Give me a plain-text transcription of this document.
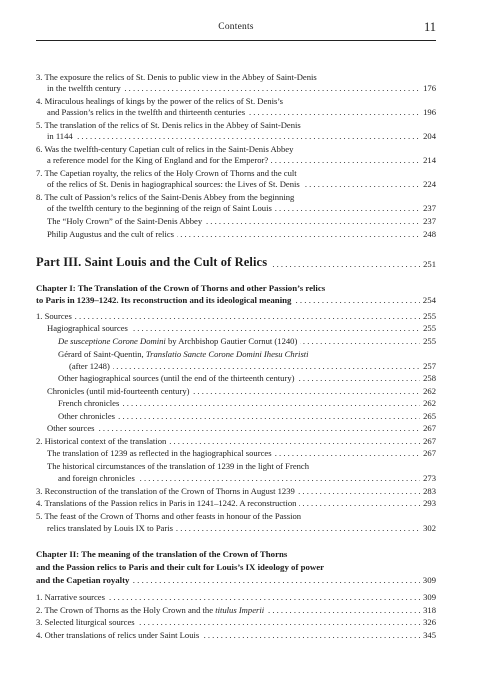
Contents	11
3. The exposure the relics of St. Denis to public view in the Abbey of Saint-Denis
in the twelfth century	176
. . .
4. Miraculous healings of kings by the power of the relics of St. Denis’s
and Passion’s relics in the twelfth and thirteenth centuries	196
. . .
5. The translation of the relics of St. Denis relics in the Abbey of Saint-Denis
in 1144	204
. . .
6. Was the twelfth-century Capetian cult of relics in the Saint-Denis Abbey
a reference model for the King of England and for the Emperor?	214
. . .
7. The Capetian royalty, the relics of the Holy Crown of Thorns and the cult
of the relics of St. Denis in hagiographical sources: the Lives of St. Denis	224
. . .
8. The cult of Passion’s relics of the Saint-Denis Abbey from the beginning
of the twelfth century to the beginning of the reign of Saint Louis	237
. . .
The “Holy Crown” of the Saint-Denis Abbey	237
. . .
Philip Augustus and the cult of relics	248
. . .
Part III. Saint Louis and the Cult of Relics	251
. . .
Chapter I: The Translation of the Crown of Thorns and other Passion’s relics
to Paris in 1239–1242. Its reconstruction and its ideological meaning	254
. . .
1. Sources	255
. . .
Hagiographical sources	255
. . .
De susceptione Corone Domini by Archbishop Gautier Cornut (1240)	255
. . .
Gérard of Saint-Quentin, Translatio Sancte Corone Domini Ihesu Christi
(after 1248)	257
. . .
Other hagiographical sources (until the end of the thirteenth century)	258
. . .
Chronicles (until mid-fourteenth century)	262
. . .
French chronicles	262
. . .
Other chronicles	265
. . .
Other sources	267
. . .
2. Historical context of the translation	267
. . .
The translation of 1239 as reflected in the hagiographical sources	267
. . .
The historical circumstances of the translation of 1239 in the light of French
and foreign chronicles	273
. . .
3. Reconstruction of the translation of the Crown of Thorns in August 1239	283
. . .
4. Translations of the Passion relics in Paris in 1241–1242. A reconstruction	293
. . .
5. The feast of the Crown of Thorns and other feasts in honour of the Passion
relics translated by Louis IX to Paris	302
. . .
Chapter II: The meaning of the translation of the Crown of Thorns
and the Passion relics to Paris and their cult for Louis’s IX ideology of power
and the Capetian royalty	309
. . .
1. Narrative sources	309
. . .
2. The Crown of Thorns as the Holy Crown and the titulus Imperii	318
. . .
3. Selected liturgical sources	326
. . .
4. Other translations of relics under Saint Louis	345
. . .
